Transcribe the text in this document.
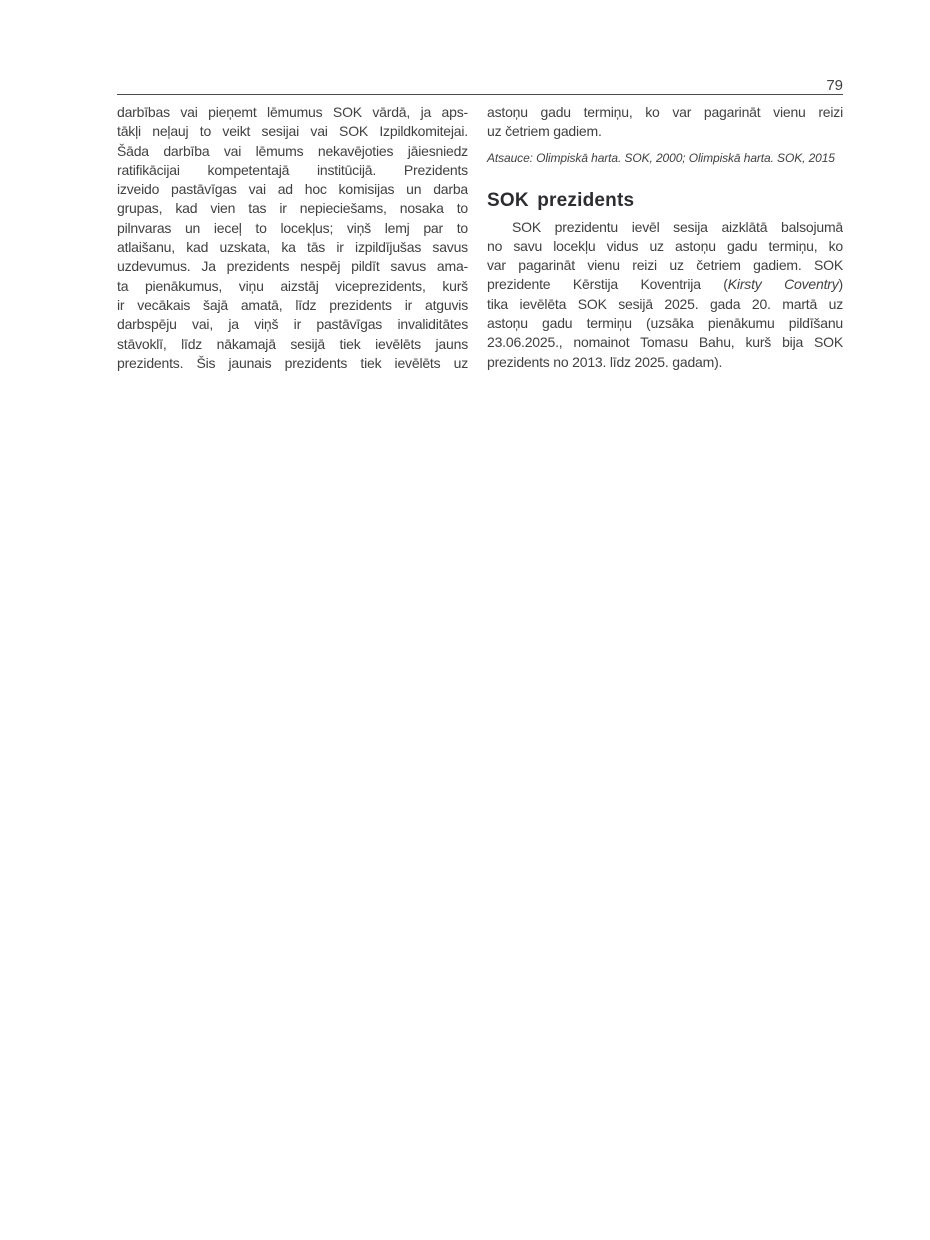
79
darbības vai pieņemt lēmumus SOK vārdā, ja aps-
tākļi neļauj to veikt sesijai vai SOK Izpildkomitejai.
Šāda darbība vai lēmums nekavējoties jāiesniedz
ratifikācijai kompetentajā institūcijā. Prezidents
izveido pastāvīgas vai ad hoc komisijas un darba
grupas, kad vien tas ir nepieciešams, nosaka to
pilnvaras un ieceļ to locekļus; viņš lemj par to
atlaišanu, kad uzskata, ka tās ir izpildījušas savus
uzdevumus. Ja prezidents nespēj pildīt savus ama-
ta pienākumus, viņu aizstāj viceprezidents, kurš
ir vecākais šajā amatā, līdz prezidents ir atguvis
darbspēju vai, ja viņš ir pastāvīgas invaliditātes
stāvoklī, līdz nākamajā sesijā tiek ievēlēts jauns
prezidents. Šis jaunais prezidents tiek ievēlēts uz
astoņu gadu termiņu, ko var pagarināt vienu reizi
uz četriem gadiem.
Atsauce: Olimpiskā harta. SOK, 2000; Olimpiskā harta. SOK, 2015
SOK prezidents
SOK prezidentu ievēl sesija aizklātā balsojumā
no savu locekļu vidus uz astoņu gadu termiņu, ko
var pagarināt vienu reizi uz četriem gadiem. SOK
prezidente Kērstija Koventrija (Kirsty Coventry)
tika ievēlēta SOK sesijā 2025. gada 20. martā uz
astoņu gadu termiņu (uzsāka pienākumu pildīšanu
23.06.2025., nomainot Tomasu Bahu, kurš bija SOK
prezidents no 2013. līdz 2025. gadam).
